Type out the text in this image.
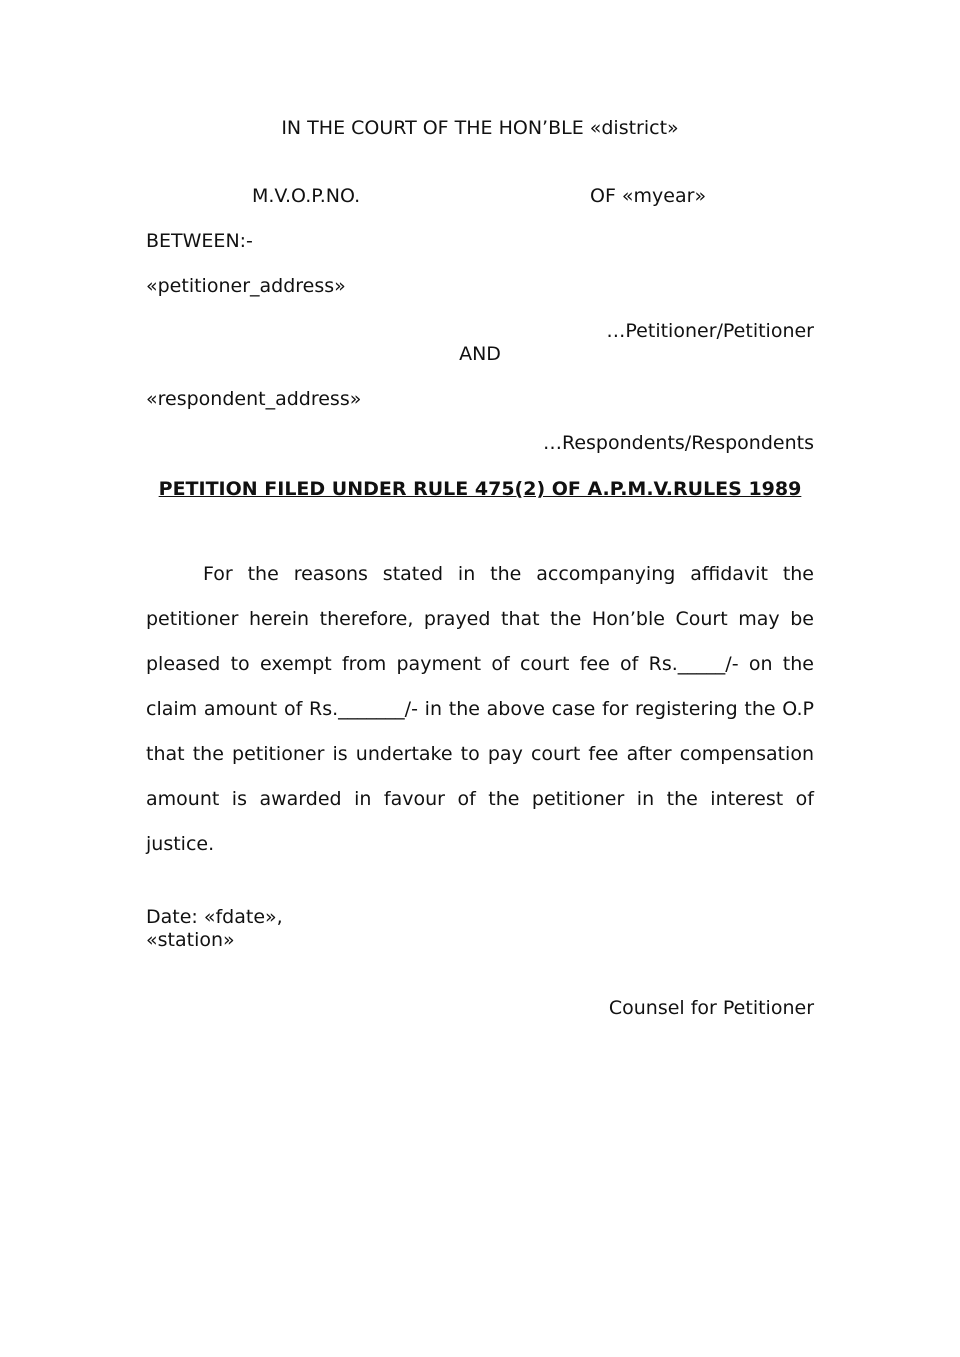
IN THE COURT OF THE HON’BLE «district»
M.V.O.P.NO.	OF «myear»
BETWEEN:-
«petitioner_address»
…Petitioner/Petitioner
AND
«respondent_address»
…Respondents/Respondents
PETITION FILED UNDER RULE 475(2) OF A.P.M.V.RULES 1989

For the reasons stated in the accompanying affidavit the petitioner herein therefore, prayed that the Hon’ble Court may be pleased to exempt from payment of court fee of Rs._____/- on the claim amount of Rs._______/- in the above case for registering the O.P that the petitioner is undertake to pay court fee after compensation amount is awarded in favour of the petitioner in the interest of justice.

Date: «fdate»,
«station»
Counsel for Petitioner
